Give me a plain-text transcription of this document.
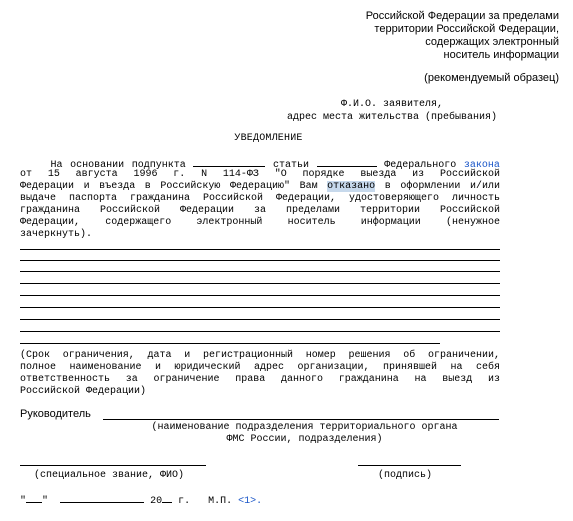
Российской Федерации за пределами
территории Российской Федерации,
содержащих электронный
носитель информации
(рекомендуемый образец)
Ф.И.О. заявителя,
адрес места жительства (пребывания)
УВЕДОМЛЕНИЕ
На основании подпункта	статьи	Федерального закона
от 15 августа 1996 г. N 114-ФЗ "О порядке выезда из Российской
Федерации и въезда в Российскую Федерацию" Вам отказано в оформлении и/или
выдаче паспорта гражданина Российской Федерации, удостоверяющего личность
гражданина Российской Федерации за пределами территории Российской
Федерации, содержащего электронный носитель информации (ненужное
зачеркнуть).
(Срок ограничения, дата и регистрационный номер решения об ограничении,
полное наименование и юридический адрес организации, принявшей на себя
ответственность за ограничение права данного гражданина на выезд из
Российской Федерации)
Руководитель
(наименование подразделения территориального органа
ФМС России, подразделения)
(специальное звание, ФИО)	(подпись)
" "	20 г. М.П. <1>.
